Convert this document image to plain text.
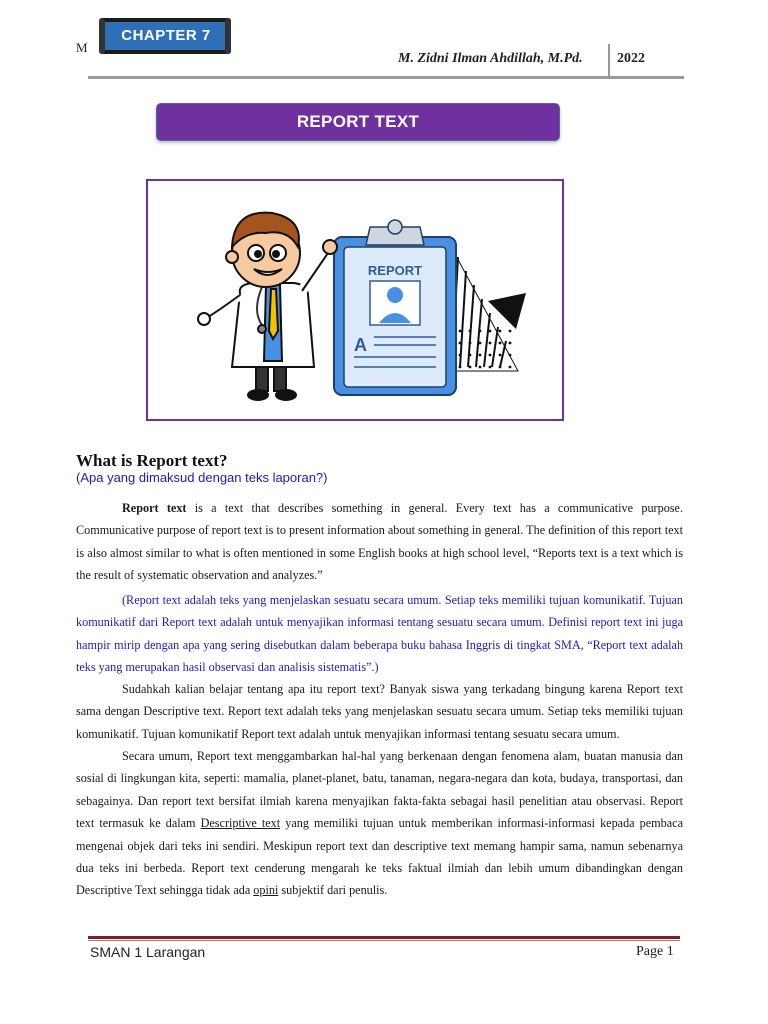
M
CHAPTER 7
M. Zidni Ilman Ahdillah, M.Pd. 2022
REPORT TEXT
REPORT
A
What is Report text?
(Apa yang dimaksud dengan teks laporan?)
Report text is a text that describes something in general. Every text has a communicative purpose. Communicative purpose of report text is to present information about something in general. The definition of this report text is also almost similar to what is often mentioned in some English books at high school level, “Reports text is a text which is the result of systematic observation and analyzes.”
(Report text adalah teks yang menjelaskan sesuatu secara umum. Setiap teks memiliki tujuan komunikatif. Tujuan komunikatif dari Report text adalah untuk menyajikan informasi tentang sesuatu secara umum. Definisi report text ini juga hampir mirip dengan apa yang sering disebutkan dalam beberapa buku bahasa Inggris di tingkat SMA, “Report text adalah teks yang merupakan hasil observasi dan analisis sistematis”.)
Sudahkah kalian belajar tentang apa itu report text? Banyak siswa yang terkadang bingung karena Report text sama dengan Descriptive text. Report text adalah teks yang menjelaskan sesuatu secara umum. Setiap teks memiliki tujuan komunikatif. Tujuan komunikatif Report text adalah untuk menyajikan informasi tentang sesuatu secara umum.
Secara umum, Report text menggambarkan hal-hal yang berkenaan dengan fenomena alam, buatan manusia dan sosial di lingkungan kita, seperti: mamalia, planet-planet, batu, tanaman, negara-negara dan kota, budaya, transportasi, dan sebagainya. Dan report text bersifat ilmiah karena menyajikan fakta-fakta sebagai hasil penelitian atau observasi. Report text termasuk ke dalam Descriptive text yang memiliki tujuan untuk memberikan informasi-informasi kepada pembaca mengenai objek dari teks ini sendiri. Meskipun report text dan descriptive text memang hampir sama, namun sebenarnya dua teks ini berbeda. Report text cenderung mengarah ke teks faktual ilmiah dan lebih umum dibandingkan dengan Descriptive Text sehingga tidak ada opini subjektif dari penulis.
SMAN 1 Larangan	Page 1
